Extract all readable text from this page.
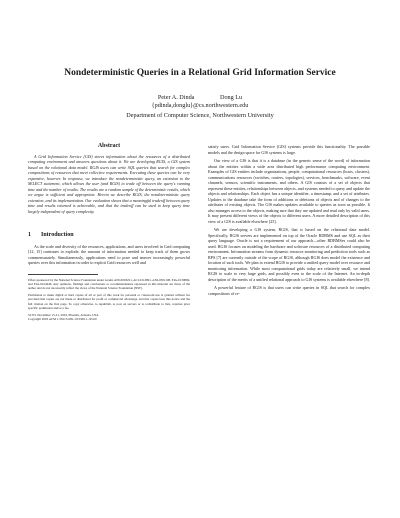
Nondeterministic Queries in a Relational Grid Information Service
Peter A. Dinda	Dong Lu
{pdinda,donglu}@cs.northwestern.edu
Department of Computer Science, Northwestern University
Abstract

A Grid Information Service (GIS) stores information about the resources of a distributed computing environment and answers questions about it. We are developing RGIS, a GIS system based on the relational data model. RGIS users can write SQL queries that search for complex compositions of resources that meet collective requirements. Executing these queries can be very expensive, however. In response, we introduce the nondeterministic query, an extension to the SELECT statement, which allows the user (and RGIS) to trade off between the query's running time and the number of results. The results are a random sample of the deterministic results, which we argue is sufficient and appropriate. Herein we describe RGIS, the nondeterministic query extension, and its implementation. Our evaluation shows that a meaningful tradeoff between query time and results returned is achievable, and that the tradeoff can be used to keep query time largely independent of query complexity.

1 Introduction

As the scale and diversity of the resources, applications, and users involved in Grid computing [12, 15] continues to explode, the amount of information needed to keep track of them grows commensurately. Simultaneously, applications need to pose and answer increasingly powerful queries over this information in order to exploit Grid resources well and

Effort sponsored by the National Science Foundation under Grants ANI-0093221, ACI-0112891, ANI-0301108, EIA-0130869, and EIA-0224449. Any opinions, findings and conclusions or recommendations expressed in this material are those of the author and do not necessarily reflect the views of the National Science Foundation (NSF).

Permission to make digital or hard copies of all or part of this work for personal or classroom use is granted without fee provided that copies are not made or distributed for profit or commercial advantage, and that copies bear this notice and the full citation on the first page. To copy otherwise, to republish, to post on servers or to redistribute to lists, requires prior specific permission and/or a fee.

SC'03, November 15-21, 2003, Phoenix, Arizona, USA

Copyright 2003 ACM 1-58113-695-1/03/0011...$5.00

satisfy users. Grid Information Service (GIS) systems provide this functionality. The possible models and the design space for GIS systems is large.

Our view of a GIS is that it is a database (in the generic sense of the word) of information about the entities within a wide area distributed high performance computing environment. Examples of GIS entities include organizations, people, computational resources (hosts, clusters), communications resources (switches, routers, topologies), services, benchmarks, software, event channels, sensors, scientific instruments, and others. A GIS consists of a set of objects that represent these entities, relationships between objects, and systems needed to query and update the objects and relationships. Each object has a unique identifier, a timestamp, and a set of attributes. Updates to the database take the form of additions or deletions of objects and of changes to the attributes of existing objects. The GIS makes updates available to queries as soon as possible. It also manages access to the objects, making sure that they are updated and read only by valid users. It may present different views of the objects to different users. A more detailed description of this view of a GIS is available elsewhere [25].

We are developing a GIS system, RGIS, that is based on the relational data model. Specifically, RGIS servers are implemented on top of the Oracle RDBMS and use SQL as their query language. Oracle is not a requirement of our approach—other RDBMSes could also be used. RGIS focuses on modeling the hardware and software resources of a distributed computing environment. Information streams from dynamic resource monitoring and prediction tools such as RPS [7] are currently outside of the scope of RGIS, although RGIS does model the existence and location of such tools. We plan to extend RGIS to provide a unified query model over resource and monitoring information. While most computational grids today are relatively small, we intend RGIS to scale to very large grids, and possibly even to the scale of the Internet. An in-depth description of the merits of a unified relational approach to GIS systems is available elsewhere [8].

A powerful feature of RGIS is that users can write queries in SQL that search for complex compositions of re-
